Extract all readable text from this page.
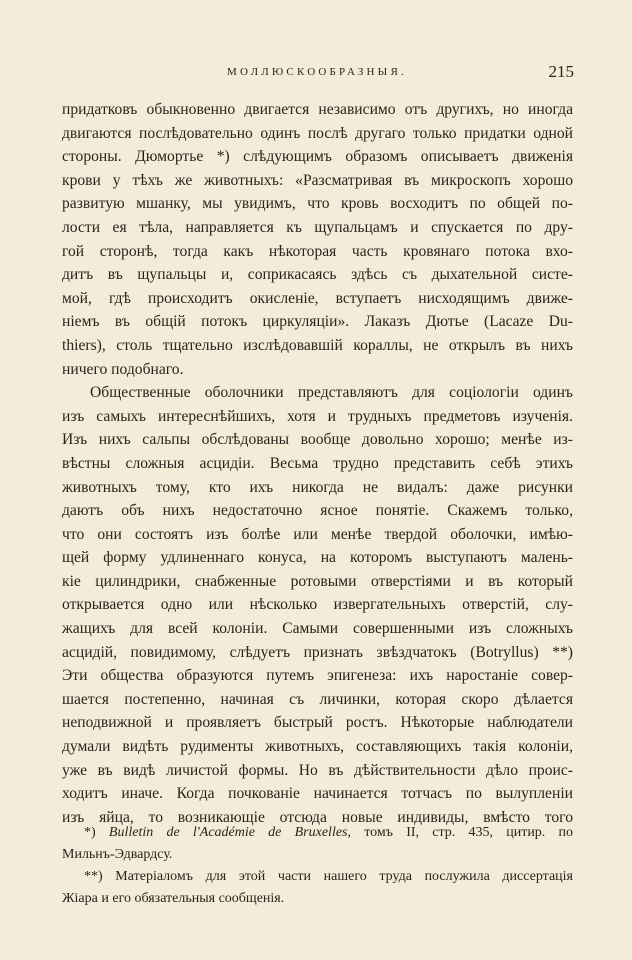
МОЛЛЮСКООБРАЗНЫЯ.	215
придатковъ обыкновенно двигается независимо отъ другихъ, но иногда
двигаются послѣдовательно одинъ послѣ другаго только придатки одной
стороны. Дюмортье *) слѣдующимъ образомъ описываетъ движенія
крови у тѣхъ же животныхъ: «Разсматривая въ микроскопъ хорошо
развитую мшанку, мы увидимъ, что кровь восходитъ по общей по-
лости ея тѣла, направляется къ щупальцамъ и спускается по дру-
гой сторонѣ, тогда какъ нѣкоторая часть кровянаго потока вхо-
дитъ въ щупальцы и, соприкасаясь здѣсь съ дыхательной систе-
мой, гдѣ происходитъ окисленіе, вступаетъ нисходящимъ движе-
ніемъ въ общій потокъ циркуляціи». Лаказъ Дютье (Lacaze Du-
thiers), столь тщательно изслѣдовавшій кораллы, не открылъ въ нихъ
ничего подобнаго.
Общественные оболочники представляютъ для соціологіи одинъ
изъ самыхъ интереснѣйшихъ, хотя и трудныхъ предметовъ изученія.
Изъ нихъ сальпы обслѣдованы вообще довольно хорошо; менѣе из-
вѣстны сложныя асцидіи. Весьма трудно представить себѣ этихъ
животныхъ тому, кто ихъ никогда не видалъ: даже рисунки
даютъ объ нихъ недостаточно ясное понятіе. Скажемъ только,
что они состоятъ изъ болѣе или менѣе твердой оболочки, имѣю-
щей форму удлиненнаго конуса, на которомъ выступаютъ малень-
кіе цилиндрики, снабженные ротовыми отверстіями и въ который
открывается одно или нѣсколько извергательныхъ отверстій, слу-
жащихъ для всей колоніи. Самыми совершенными изъ сложныхъ
асцидій, повидимому, слѣдуетъ признать звѣздчатокъ (Botryllus) **)
Эти общества образуются путемъ эпигенеза: ихъ наростаніе совер-
шается постепенно, начиная съ личинки, которая скоро дѣлается
неподвижной и проявляетъ быстрый ростъ. Нѣкоторые наблюдатели
думали видѣть рудименты животныхъ, составляющихъ такія колоніи,
уже въ видѣ личистой формы. Но въ дѣйствительности дѣло проис-
ходитъ иначе. Когда почкованіе начинается тотчасъ по вылупленіи
изъ яйца, то возникающіе отсюда новые индивиды, вмѣсто того
*) Bulletin de l'Académie de Bruxelles, томъ II, стр. 435, цитир. по
Мильнъ-Эдвардсу.
**) Матеріаломъ для этой части нашего труда послужила диссертація
Жіара и его обязательныя сообщенія.
